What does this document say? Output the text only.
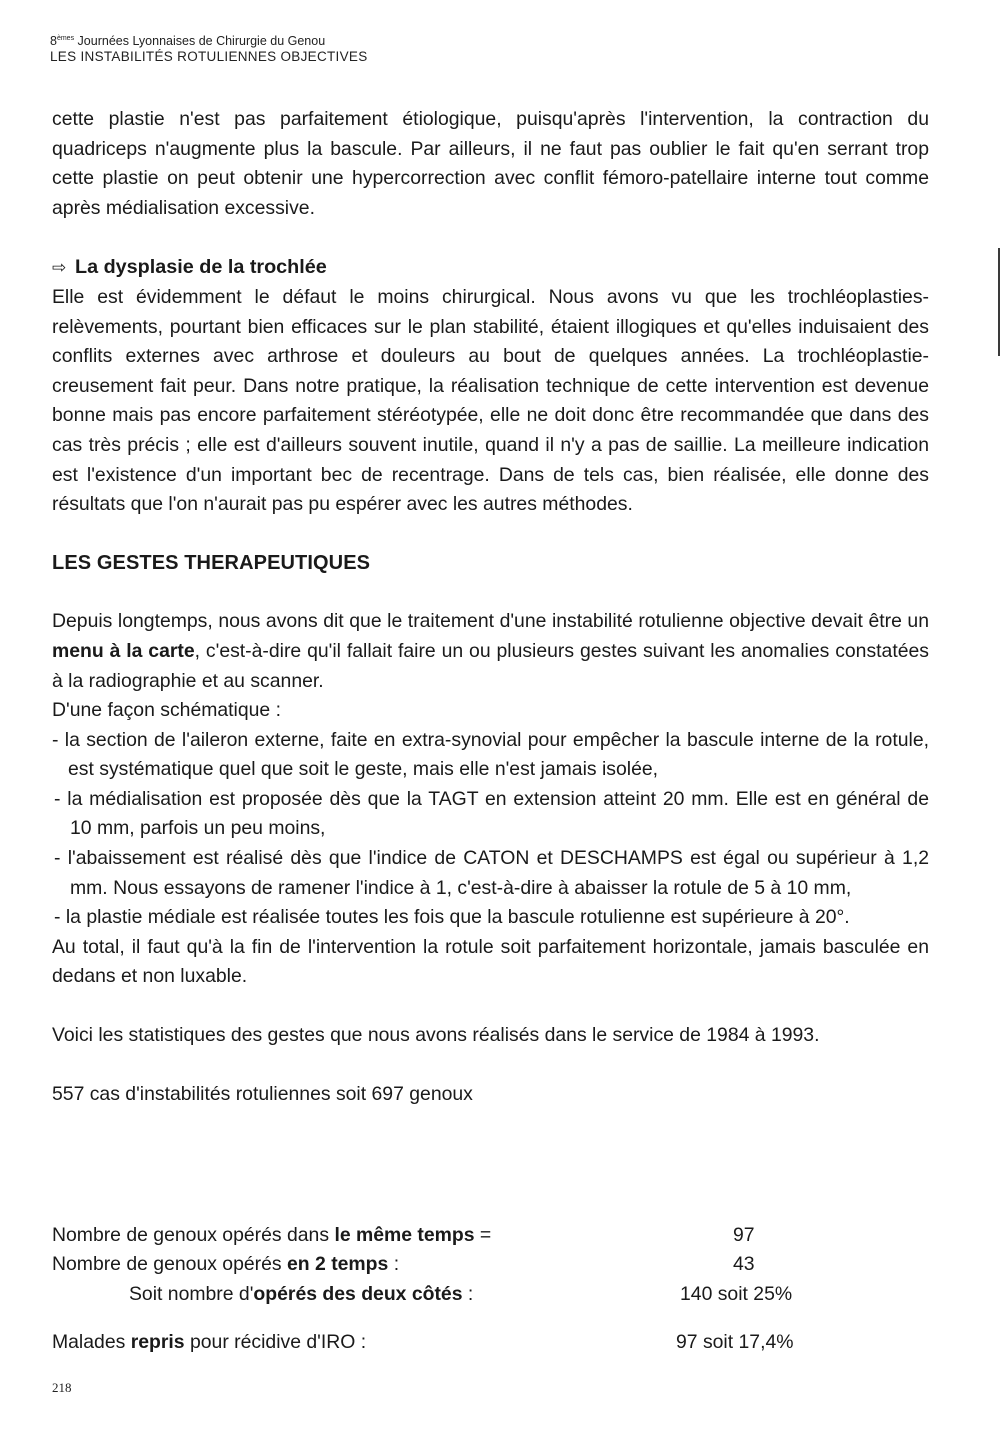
8èmes Journées Lyonnaises de Chirurgie du Genou
LES INSTABILITÉS ROTULIENNES OBJECTIVES

cette plastie n'est pas parfaitement étiologique, puisqu'après l'intervention, la contraction du quadriceps n'augmente plus la bascule. Par ailleurs, il ne faut pas oublier le fait qu'en serrant trop cette plastie on peut obtenir une hypercorrection avec conflit fémoro-patellaire interne tout comme après médialisation excessive.

⇨ La dysplasie de la trochlée

Elle est évidemment le défaut le moins chirurgical. Nous avons vu que les trochléoplasties-relèvements, pourtant bien efficaces sur le plan stabilité, étaient illogiques et qu'elles induisaient des conflits externes avec arthrose et douleurs au bout de quelques années. La trochléoplastie-creusement fait peur. Dans notre pratique, la réalisation technique de cette intervention est devenue bonne mais pas encore parfaitement stéréotypée, elle ne doit donc être recommandée que dans des cas très précis ; elle est d'ailleurs souvent inutile, quand il n'y a pas de saillie. La meilleure indication est l'existence d'un important bec de recentrage. Dans de tels cas, bien réalisée, elle donne des résultats que l'on n'aurait pas pu espérer avec les autres méthodes.

LES GESTES THERAPEUTIQUES

Depuis longtemps, nous avons dit que le traitement d'une instabilité rotulienne objective devait être un menu à la carte, c'est-à-dire qu'il fallait faire un ou plusieurs gestes suivant les anomalies constatées à la radiographie et au scanner.

D'une façon schématique :

- la section de l'aileron externe, faite en extra-synovial pour empêcher la bascule interne de la rotule, est systématique quel que soit le geste, mais elle n'est jamais isolée,
- la médialisation est proposée dès que la TAGT en extension atteint 20 mm. Elle est en général de 10 mm, parfois un peu moins,
- l'abaissement est réalisé dès que l'indice de CATON et DESCHAMPS est égal ou supérieur à 1,2 mm. Nous essayons de ramener l'indice à 1, c'est-à-dire à abaisser la rotule de 5 à 10 mm,
- la plastie médiale est réalisée toutes les fois que la bascule rotulienne est supérieure à 20°.

Au total, il faut qu'à la fin de l'intervention la rotule soit parfaitement horizontale, jamais basculée en dedans et non luxable.

Voici les statistiques des gestes que nous avons réalisés dans le service de 1984 à 1993.

557 cas d'instabilités rotuliennes soit 697 genoux

Nombre de genoux opérés dans le même temps =	97
Nombre de genoux opérés en 2 temps :	43
Soit nombre d'opérés des deux côtés :	140 soit 25%
Malades repris pour récidive d'IRO :	97 soit 17,4%
218
